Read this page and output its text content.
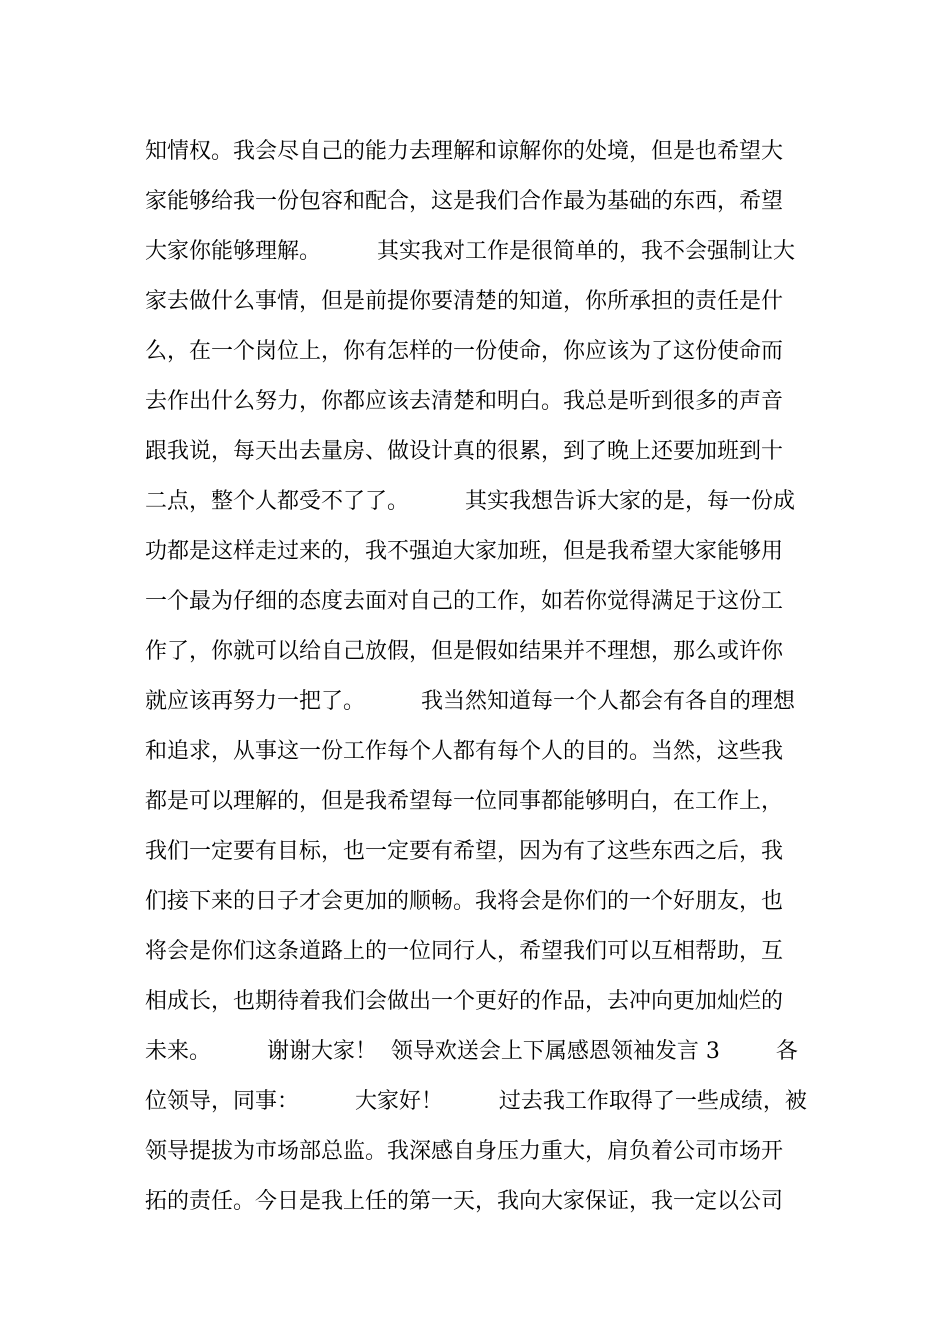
知情权。我会尽自己的能力去理解和谅解你的处境，但是也希望大
家能够给我一份包容和配合，这是我们合作最为基础的东西，希望
大家你能够理解。        其实我对工作是很简单的，我不会强制让大
家去做什么事情，但是前提你要清楚的知道，你所承担的责任是什
么，在一个岗位上，你有怎样的一份使命，你应该为了这份使命而
去作出什么努力，你都应该去清楚和明白。我总是听到很多的声音
跟我说，每天出去量房、做设计真的很累，到了晚上还要加班到十
二点，整个人都受不了了。        其实我想告诉大家的是，每一份成
功都是这样走过来的，我不强迫大家加班，但是我希望大家能够用
一个最为仔细的态度去面对自己的工作，如若你觉得满足于这份工
作了，你就可以给自己放假，但是假如结果并不理想，那么或许你
就应该再努力一把了。        我当然知道每一个人都会有各自的理想
和追求，从事这一份工作每个人都有每个人的目的。当然，这些我
都是可以理解的，但是我希望每一位同事都能够明白，在工作上，
我们一定要有目标，也一定要有希望，因为有了这些东西之后，我
们接下来的日子才会更加的顺畅。我将会是你们的一个好朋友，也
将会是你们这条道路上的一位同行人，希望我们可以互相帮助，互
相成长，也期待着我们会做出一个更好的作品，去冲向更加灿烂的
未来。        谢谢大家！  领导欢送会上下属感恩领袖发言 3        各
位领导，同事：        大家好！        过去我工作取得了一些成绩，被
领导提拔为市场部总监。我深感自身压力重大，肩负着公司市场开
拓的责任。今日是我上任的第一天，我向大家保证，我一定以公司
